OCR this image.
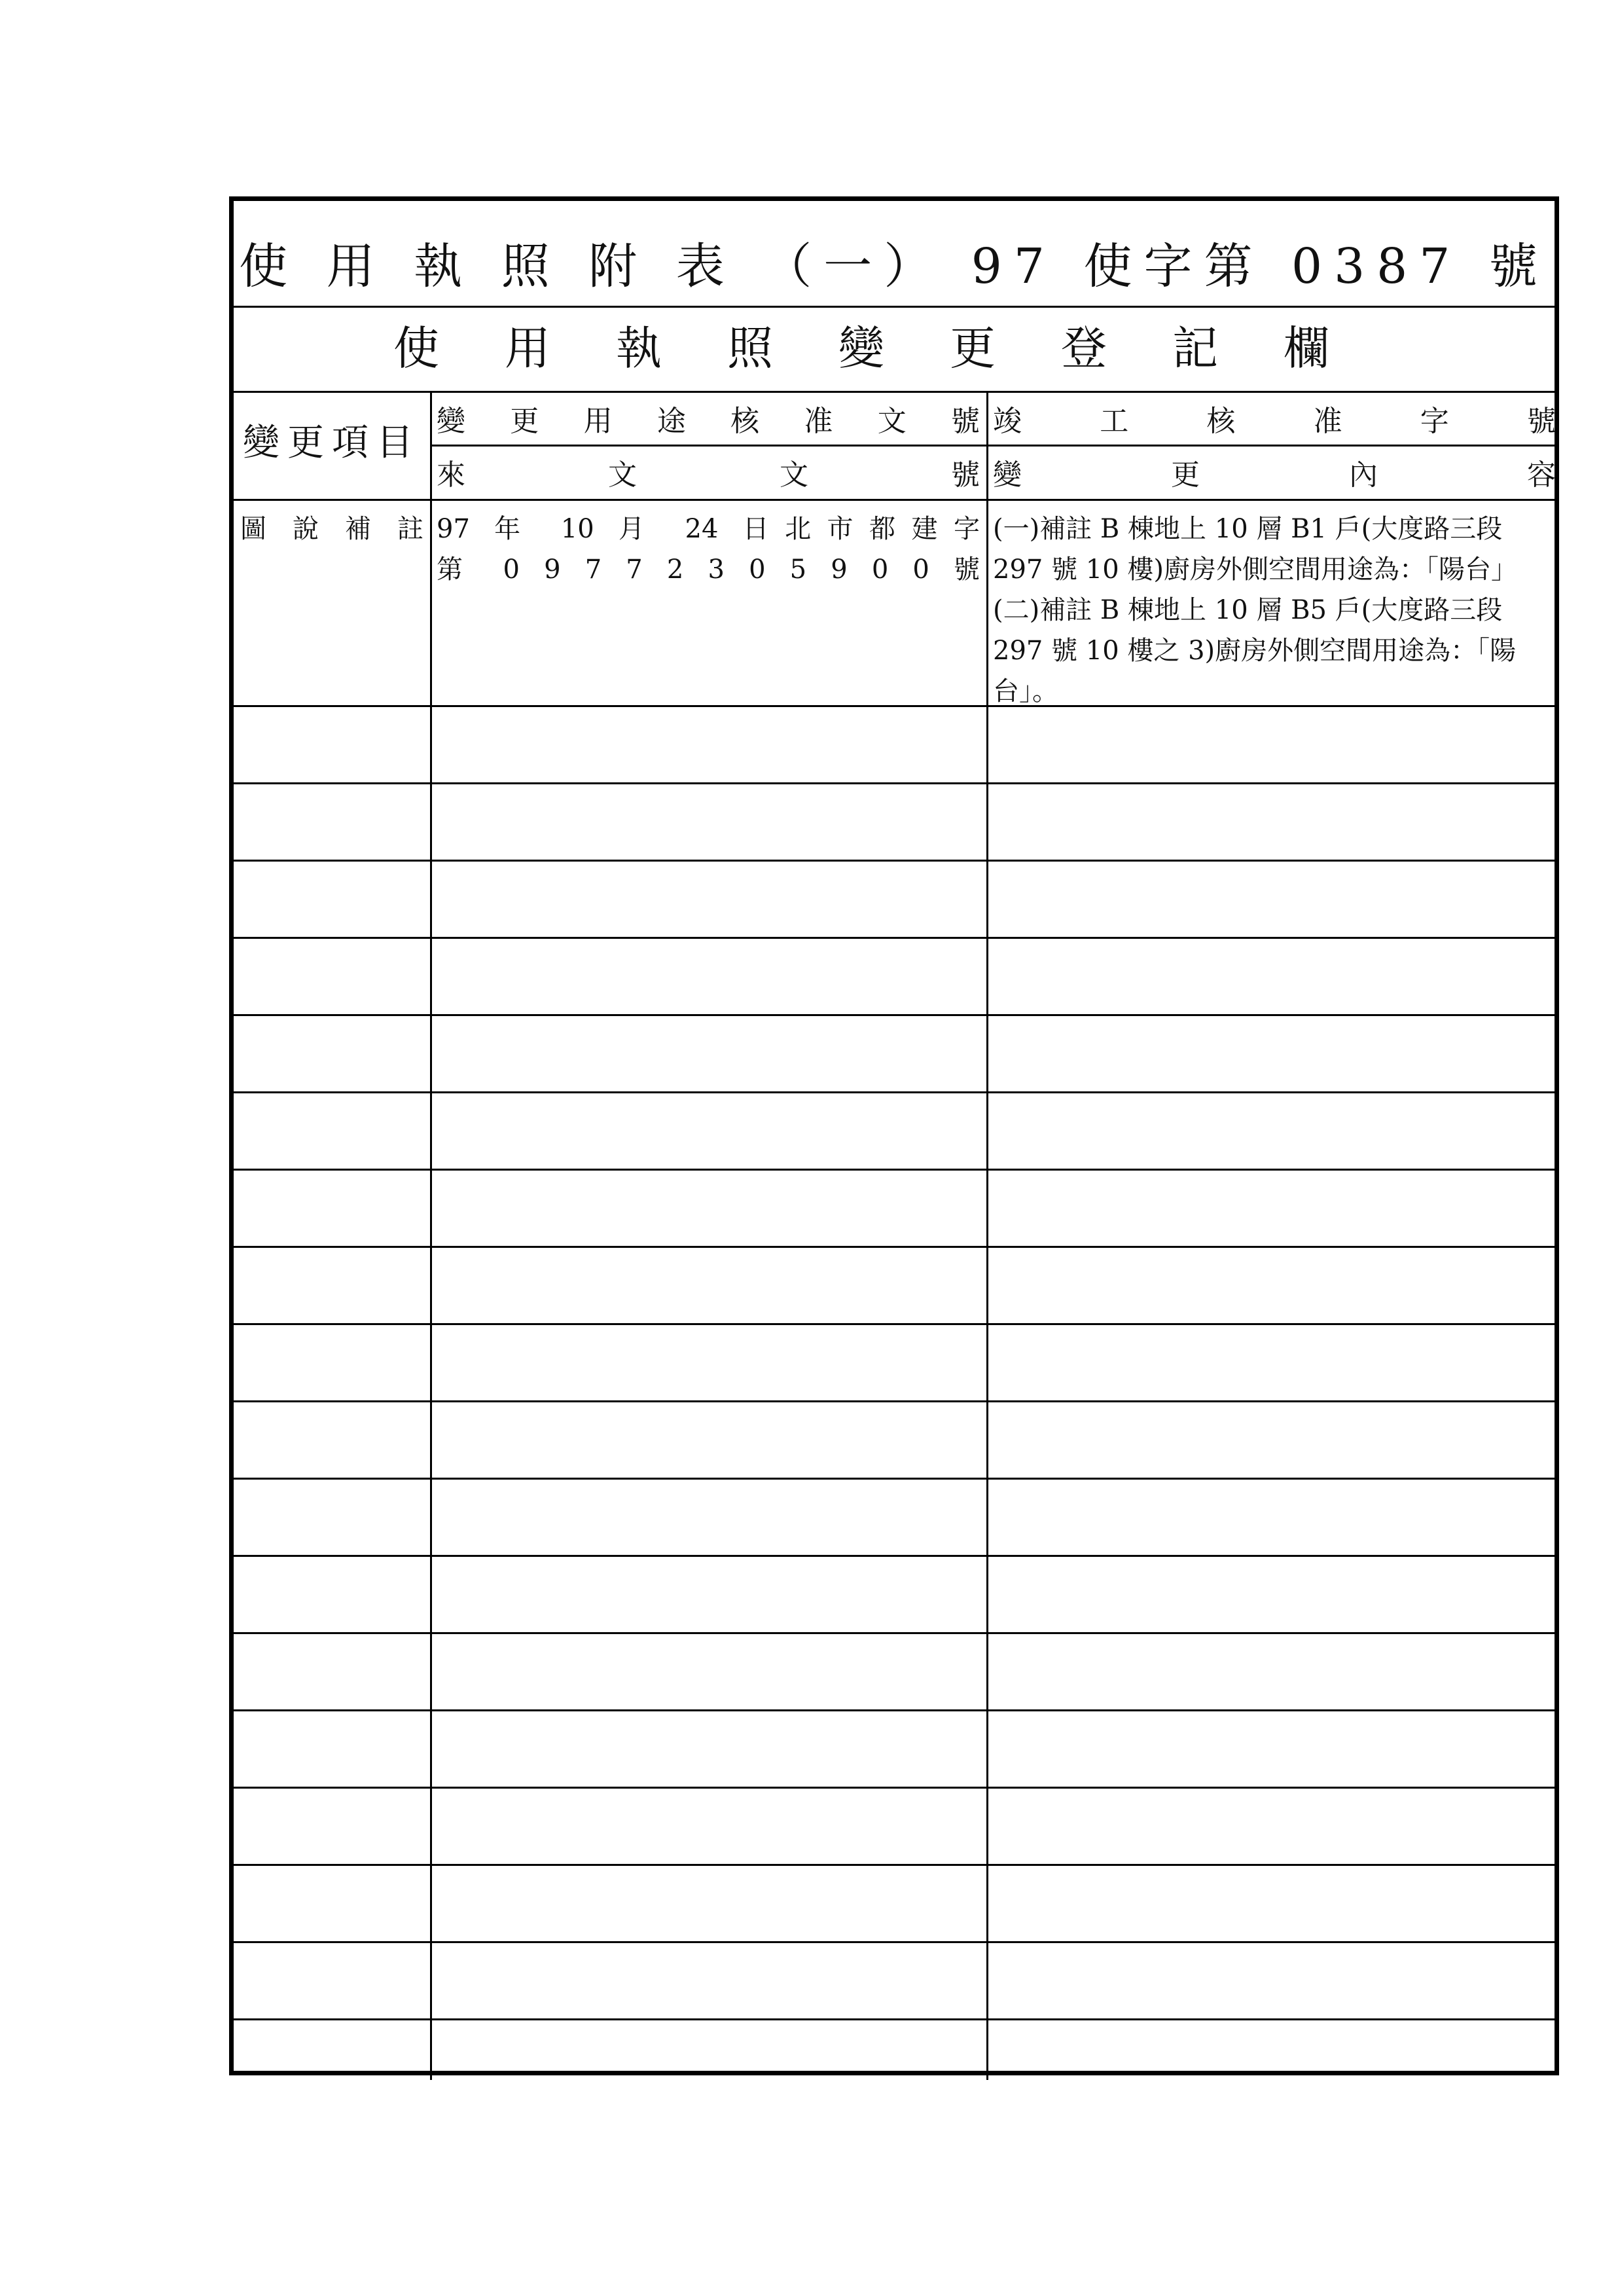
使 用 執 照 附 表 （一） 97 使字第 0387 號
使用執照變更登記欄
變更項目
變 更 用 途 核 准 文 號
來 文 文 號
竣 工 核 准 字 號
變 更 內 容
圖 說 補 註 97 年 10 月 24 日北市都建字
第 0 9 7 7 2 3 0 5 9 0 0 號
(一)補註 B 棟地上 10 層 B1 戶(大度路三段
297 號 10 樓)廚房外側空間用途為：「陽台」
(二)補註 B 棟地上 10 層 B5 戶(大度路三段
297 號 10 樓之 3)廚房外側空間用途為：「陽
台」。
